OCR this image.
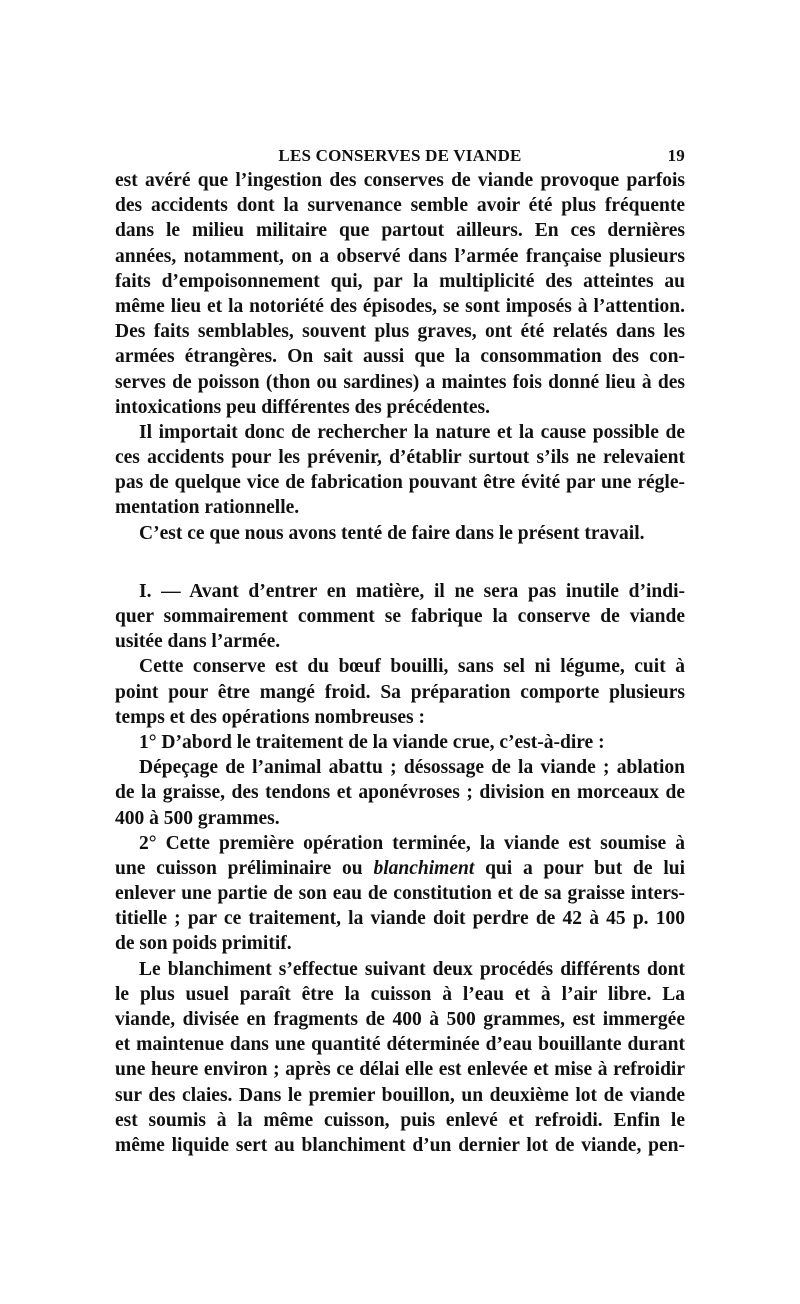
LES CONSERVES DE VIANDE	19
est avéré que l’ingestion des conserves de viande provoque parfois
des accidents dont la survenance semble avoir été plus fréquente
dans le milieu militaire que partout ailleurs. En ces dernières
années, notamment, on a observé dans l’armée française plusieurs
faits d’empoisonnement qui, par la multiplicité des atteintes au
même lieu et la notoriété des épisodes, se sont imposés à l’attention.
Des faits semblables, souvent plus graves, ont été relatés dans les
armées étrangères. On sait aussi que la consommation des con-
serves de poisson (thon ou sardines) a maintes fois donné lieu à des
intoxications peu différentes des précédentes.
Il importait donc de rechercher la nature et la cause possible de
ces accidents pour les prévenir, d’établir surtout s’ils ne relevaient
pas de quelque vice de fabrication pouvant être évité par une régle-
mentation rationnelle.
C’est ce que nous avons tenté de faire dans le présent travail.
I. — Avant d’entrer en matière, il ne sera pas inutile d’indi-
quer sommairement comment se fabrique la conserve de viande
usitée dans l’armée.
Cette conserve est du bœuf bouilli, sans sel ni légume, cuit à
point pour être mangé froid. Sa préparation comporte plusieurs
temps et des opérations nombreuses :
1° D’abord le traitement de la viande crue, c’est-à-dire :
Dépeçage de l’animal abattu ; désossage de la viande ; ablation
de la graisse, des tendons et aponévroses ; division en morceaux de
400 à 500 grammes.
2° Cette première opération terminée, la viande est soumise à
une cuisson préliminaire ou blanchiment qui a pour but de lui
enlever une partie de son eau de constitution et de sa graisse inters-
titielle ; par ce traitement, la viande doit perdre de 42 à 45 p. 100
de son poids primitif.
Le blanchiment s’effectue suivant deux procédés différents dont
le plus usuel paraît être la cuisson à l’eau et à l’air libre. La
viande, divisée en fragments de 400 à 500 grammes, est immergée
et maintenue dans une quantité déterminée d’eau bouillante durant
une heure environ ; après ce délai elle est enlevée et mise à refroidir
sur des claies. Dans le premier bouillon, un deuxième lot de viande
est soumis à la même cuisson, puis enlevé et refroidi. Enfin le
même liquide sert au blanchiment d’un dernier lot de viande, pen-
